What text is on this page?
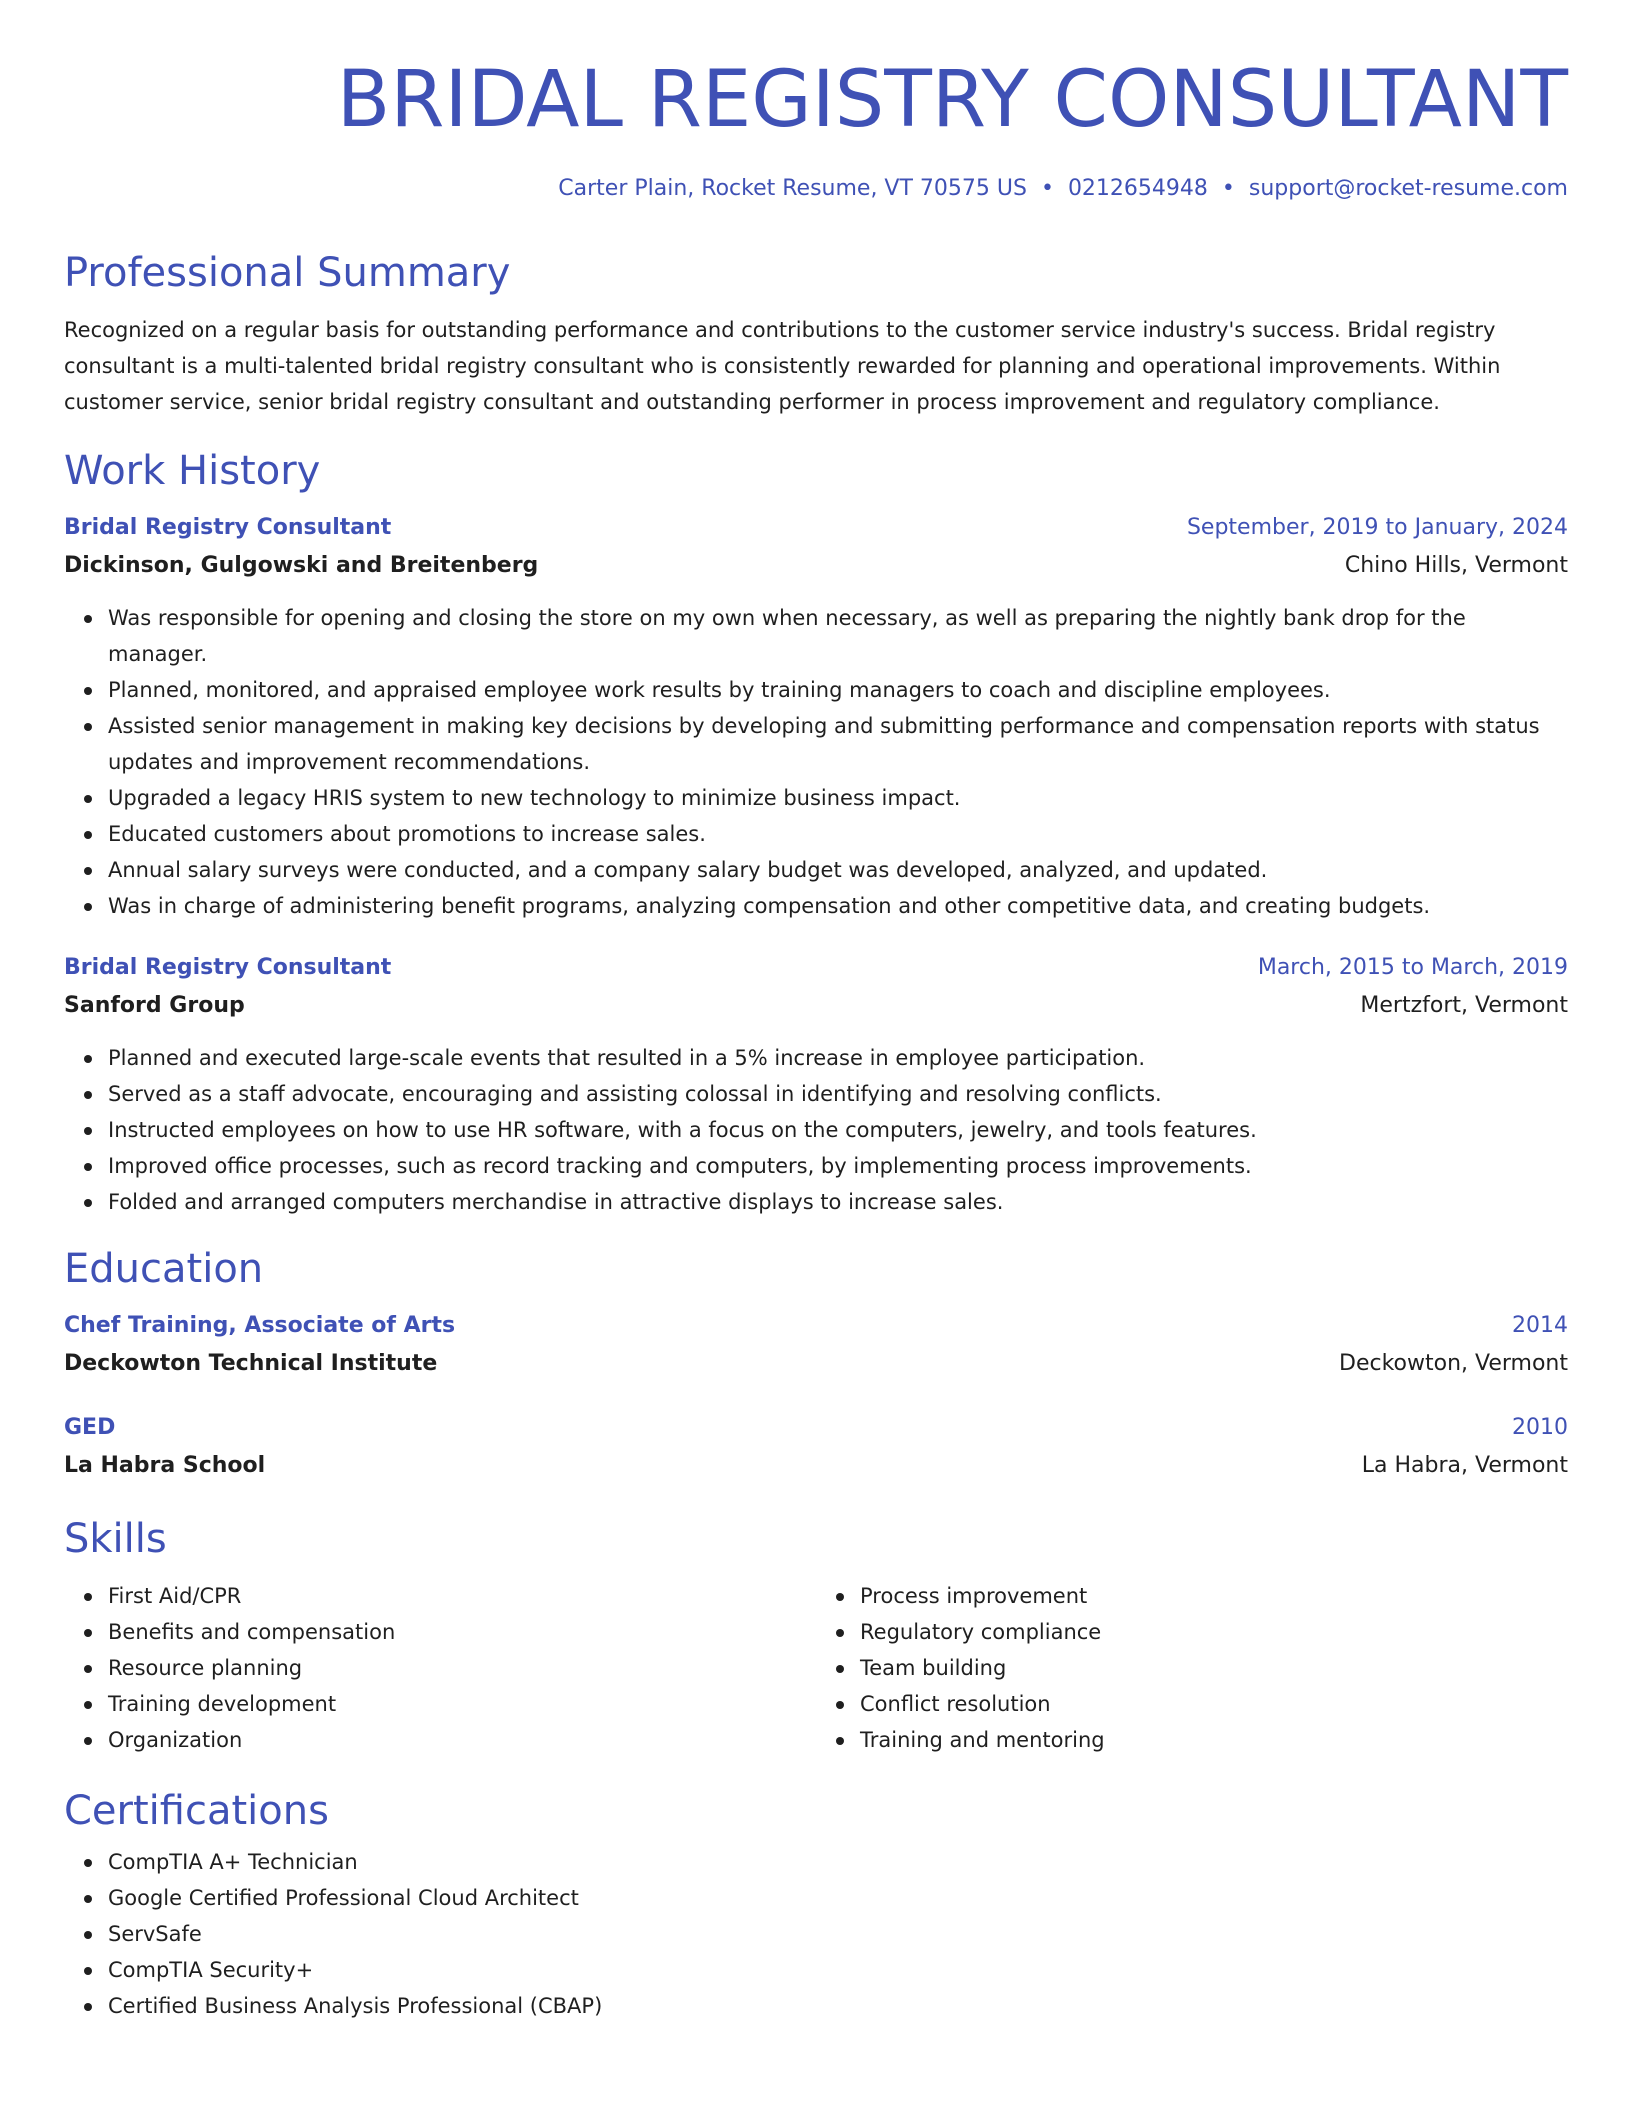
BRIDAL REGISTRY CONSULTANT
Carter Plain, Rocket Resume, VT 70575 US • 0212654948 • support@rocket-resume.com
Professional Summary
Recognized on a regular basis for outstanding performance and contributions to the customer service industry's success. Bridal registry consultant is a multi-talented bridal registry consultant who is consistently rewarded for planning and operational improvements. Within customer service, senior bridal registry consultant and outstanding performer in process improvement and regulatory compliance.
Work History
Bridal Registry Consultant	September, 2019 to January, 2024
Dickinson, Gulgowski and Breitenberg	Chino Hills, Vermont
Was responsible for opening and closing the store on my own when necessary, as well as preparing the nightly bank drop for the manager.
Planned, monitored, and appraised employee work results by training managers to coach and discipline employees.
Assisted senior management in making key decisions by developing and submitting performance and compensation reports with status updates and improvement recommendations.
Upgraded a legacy HRIS system to new technology to minimize business impact.
Educated customers about promotions to increase sales.
Annual salary surveys were conducted, and a company salary budget was developed, analyzed, and updated.
Was in charge of administering benefit programs, analyzing compensation and other competitive data, and creating budgets.
Bridal Registry Consultant	March, 2015 to March, 2019
Sanford Group	Mertzfort, Vermont
Planned and executed large-scale events that resulted in a 5% increase in employee participation.
Served as a staff advocate, encouraging and assisting colossal in identifying and resolving conflicts.
Instructed employees on how to use HR software, with a focus on the computers, jewelry, and tools features.
Improved office processes, such as record tracking and computers, by implementing process improvements.
Folded and arranged computers merchandise in attractive displays to increase sales.
Education
Chef Training, Associate of Arts	2014
Deckowton Technical Institute	Deckowton, Vermont
GED	2010
La Habra School	La Habra, Vermont
Skills
First Aid/CPR
Benefits and compensation
Resource planning
Training development
Organization
Process improvement
Regulatory compliance
Team building
Conflict resolution
Training and mentoring
Certifications
CompTIA A+ Technician
Google Certified Professional Cloud Architect
ServSafe
CompTIA Security+
Certified Business Analysis Professional (CBAP)
